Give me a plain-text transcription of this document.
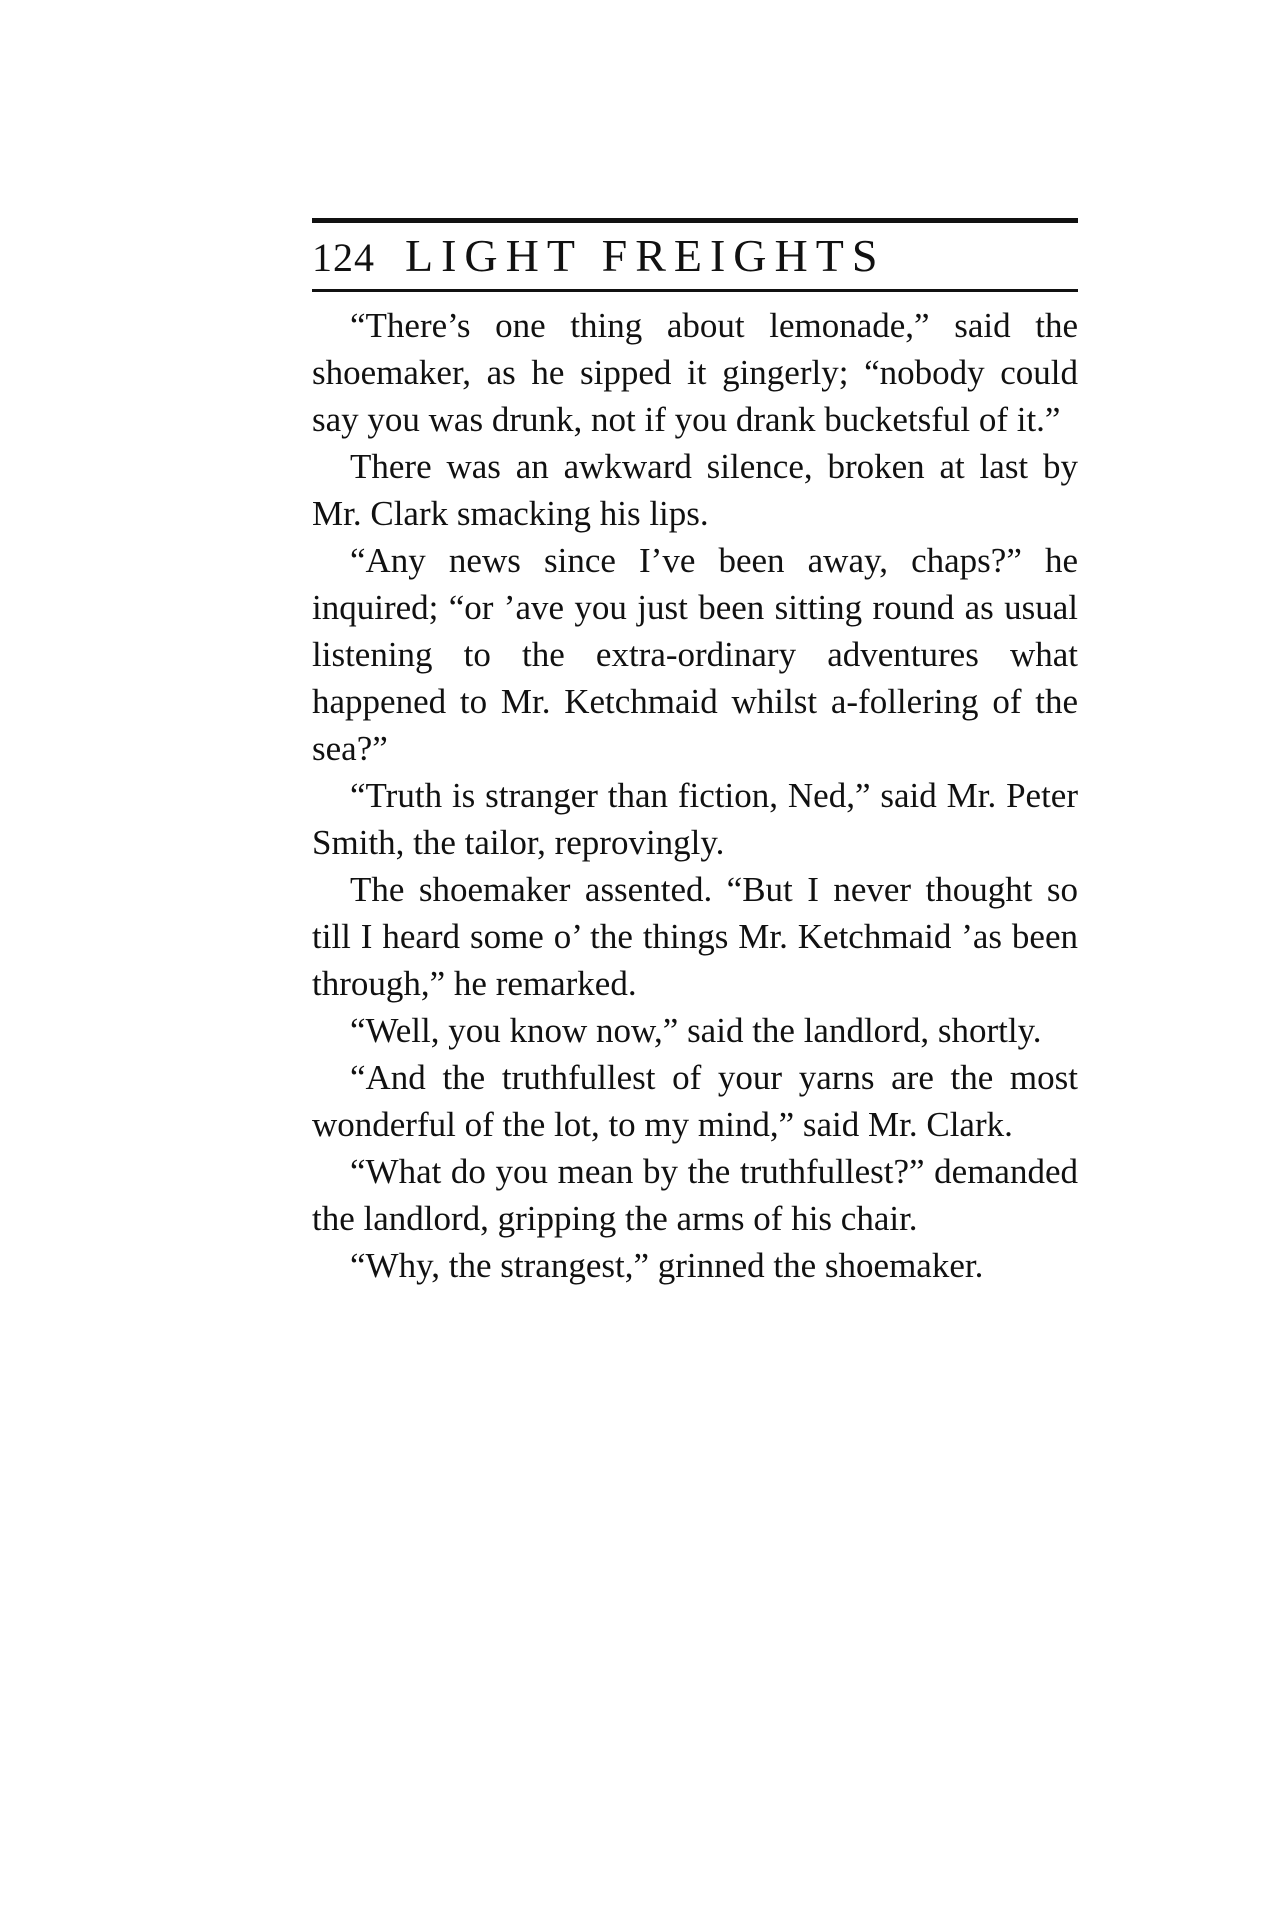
124 LIGHT FREIGHTS

“There’s one thing about lemonade,” said the shoemaker, as he sipped it gingerly; “nobody could say you was drunk, not if you drank bucketsful of it.”

There was an awkward silence, broken at last by Mr. Clark smacking his lips.

“Any news since I’ve been away, chaps?” he inquired; “or ’ave you just been sitting round as usual listening to the extra-ordinary adventures what happened to Mr. Ketchmaid whilst a-follering of the sea?”

“Truth is stranger than fiction, Ned,” said Mr. Peter Smith, the tailor, reprovingly.

The shoemaker assented. “But I never thought so till I heard some o’ the things Mr. Ketchmaid ’as been through,” he remarked.

“Well, you know now,” said the landlord, shortly.

“And the truthfullest of your yarns are the most wonderful of the lot, to my mind,” said Mr. Clark.

“What do you mean by the truthfullest?” demanded the landlord, gripping the arms of his chair.

“Why, the strangest,” grinned the shoemaker.
